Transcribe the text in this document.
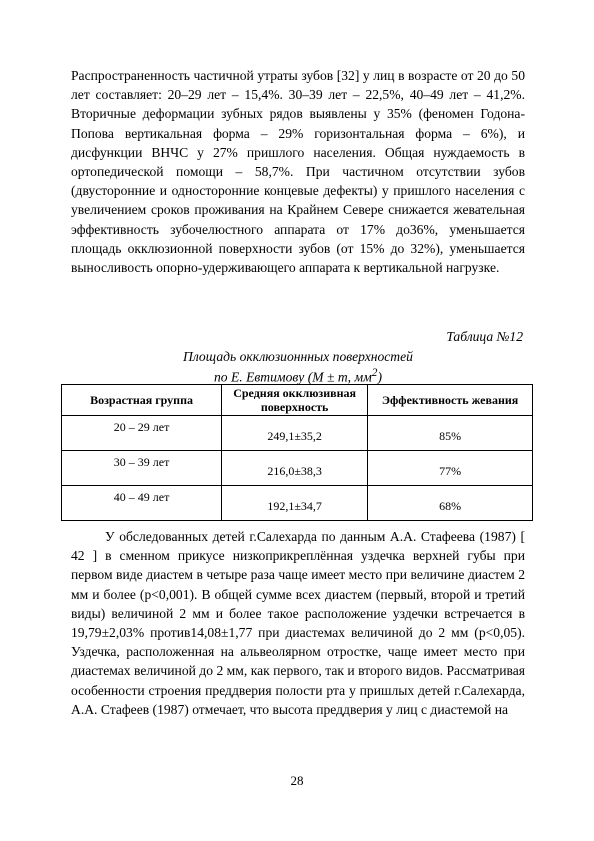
Распространенность частичной утраты зубов [32] у лиц в возрасте от 20 до 50 лет составляет: 20–29 лет – 15,4%. 30–39 лет – 22,5%, 40–49 лет – 41,2%. Вторичные деформации зубных рядов выявлены у 35% (феномен Годона-Попова вертикальная форма – 29% горизонтальная форма – 6%), и дисфункции ВНЧС у 27% пришлого населения. Общая нуждаемость в ортопедической помощи – 58,7%. При частичном отсутствии зубов (двусторонние и односторонние концевые дефекты) у пришлого населения с увеличением сроков проживания на Крайнем Севере снижается жевательная эффективность зубочелюстного аппарата от 17% до36%, уменьшается площадь окклюзионной поверхности зубов (от 15% до 32%), уменьшается выносливость опорно-удерживающего аппарата к вертикальной нагрузке.

Таблица №12
Площадь окклюзионнных поверхностей
по Е. Евтимову (M ± m, $мм^2$)
Возрастная группа	Средняя окклюзивная поверхность	Эффективность жевания

20 – 29 лет	249,1±35,2	85%

30 – 39 лет	216,0±38,3	77%

40 – 49 лет	192,1±34,7	68%

У обследованных детей г.Салехарда по данным А.А. Стафеева (1987) [ 42 ] в сменном прикусе низкоприкреплённая уздечка верхней губы при первом виде диастем в четыре раза чаще имеет место при величине диастем 2 мм и более (p<0,001). В общей сумме всех диастем (первый, второй и третий виды) величиной 2 мм и более такое расположение уздечки встречается в 19,79±2,03% против14,08±1,77 при диастемах величиной до 2 мм (p<0,05). Уздечка, расположенная на альвеолярном отростке, чаще имеет место при диастемах величиной до 2 мм, как первого, так и второго видов. Рассматривая особенности строения преддверия полости рта у пришлых детей г.Салехарда, А.А. Стафеев (1987) отмечает, что высота преддверия у лиц с диастемой на

28
